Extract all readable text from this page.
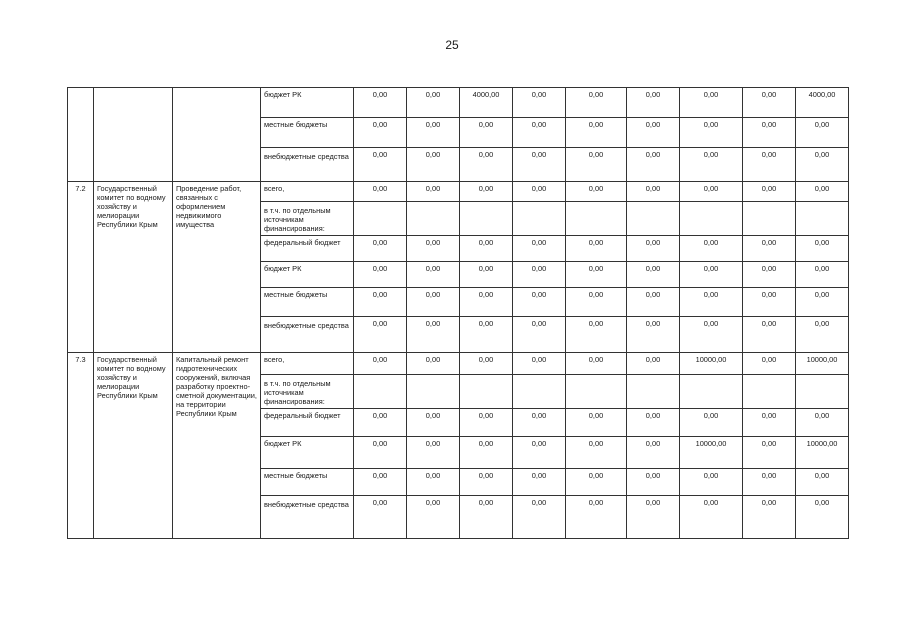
25
			бюджет РК	0,00	0,00	4000,00	0,00	0,00	0,00	0,00	0,00	4000,00
			местные бюджеты	0,00	0,00	0,00	0,00	0,00	0,00	0,00	0,00	0,00
			внебюджетные средства	0,00	0,00	0,00	0,00	0,00	0,00	0,00	0,00	0,00
7.2	Государственный комитет по водному хозяйству и мелиорации Республики Крым	Проведение работ, связанных с оформлением недвижимого имущества	всего,	0,00	0,00	0,00	0,00	0,00	0,00	0,00	0,00	0,00
			в т.ч. по отдельным источникам финансирования:									
			федеральный бюджет	0,00	0,00	0,00	0,00	0,00	0,00	0,00	0,00	0,00
			бюджет РК	0,00	0,00	0,00	0,00	0,00	0,00	0,00	0,00	0,00
			местные бюджеты	0,00	0,00	0,00	0,00	0,00	0,00	0,00	0,00	0,00
			внебюджетные средства	0,00	0,00	0,00	0,00	0,00	0,00	0,00	0,00	0,00
7.3	Государственный комитет по водному хозяйству и мелиорации Республики Крым	Капитальный ремонт гидротехнических сооружений, включая разработку проектно-сметной документации, на территории Республики Крым	всего,	0,00	0,00	0,00	0,00	0,00	0,00	10000,00	0,00	10000,00
			в т.ч. по отдельным источникам финансирования:									
			федеральный бюджет	0,00	0,00	0,00	0,00	0,00	0,00	0,00	0,00	0,00
			бюджет РК	0,00	0,00	0,00	0,00	0,00	0,00	10000,00	0,00	10000,00
			местные бюджеты	0,00	0,00	0,00	0,00	0,00	0,00	0,00	0,00	0,00
			внебюджетные средства	0,00	0,00	0,00	0,00	0,00	0,00	0,00	0,00	0,00
